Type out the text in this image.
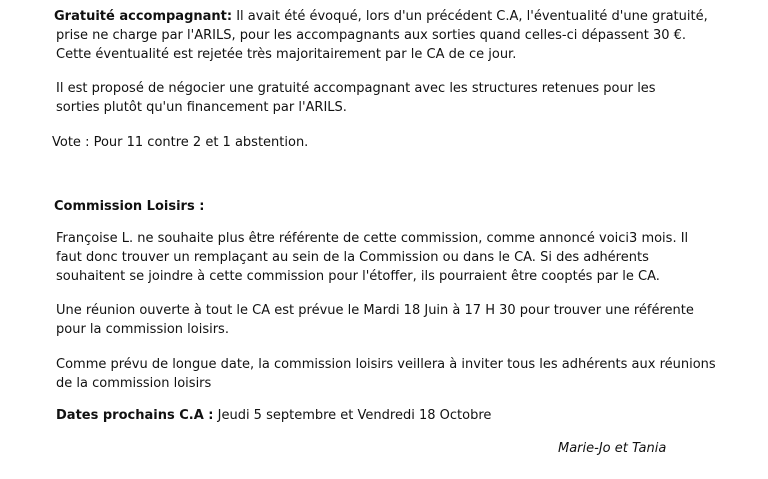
Gratuité accompagnant: Il avait été évoqué, lors d'un précédent C.A, l'éventualité d'une gratuité,
prise ne charge par l'ARILS, pour les accompagnants aux sorties quand celles-ci dépassent 30 €.
Cette éventualité est rejetée très majoritairement par le CA de ce jour.
Il est proposé de négocier une gratuité accompagnant avec les structures retenues pour les
sorties plutôt qu'un financement par l'ARILS.
Vote : Pour 11 contre 2 et 1 abstention.
Commission Loisirs :
Françoise L. ne souhaite plus être référente de cette commission, comme annoncé voici3 mois. Il
faut donc trouver un remplaçant au sein de la Commission ou dans le CA. Si des adhérents
souhaitent se joindre à cette commission pour l'étoffer, ils pourraient être cooptés par le CA.
Une réunion ouverte à tout le CA est prévue le Mardi 18 Juin à 17 H 30 pour trouver une référente
pour la commission loisirs.
Comme prévu de longue date, la commission loisirs veillera à inviter tous les adhérents aux réunions
de la commission loisirs
Dates prochains C.A : Jeudi 5 septembre et Vendredi 18 Octobre
Marie-Jo et Tania
